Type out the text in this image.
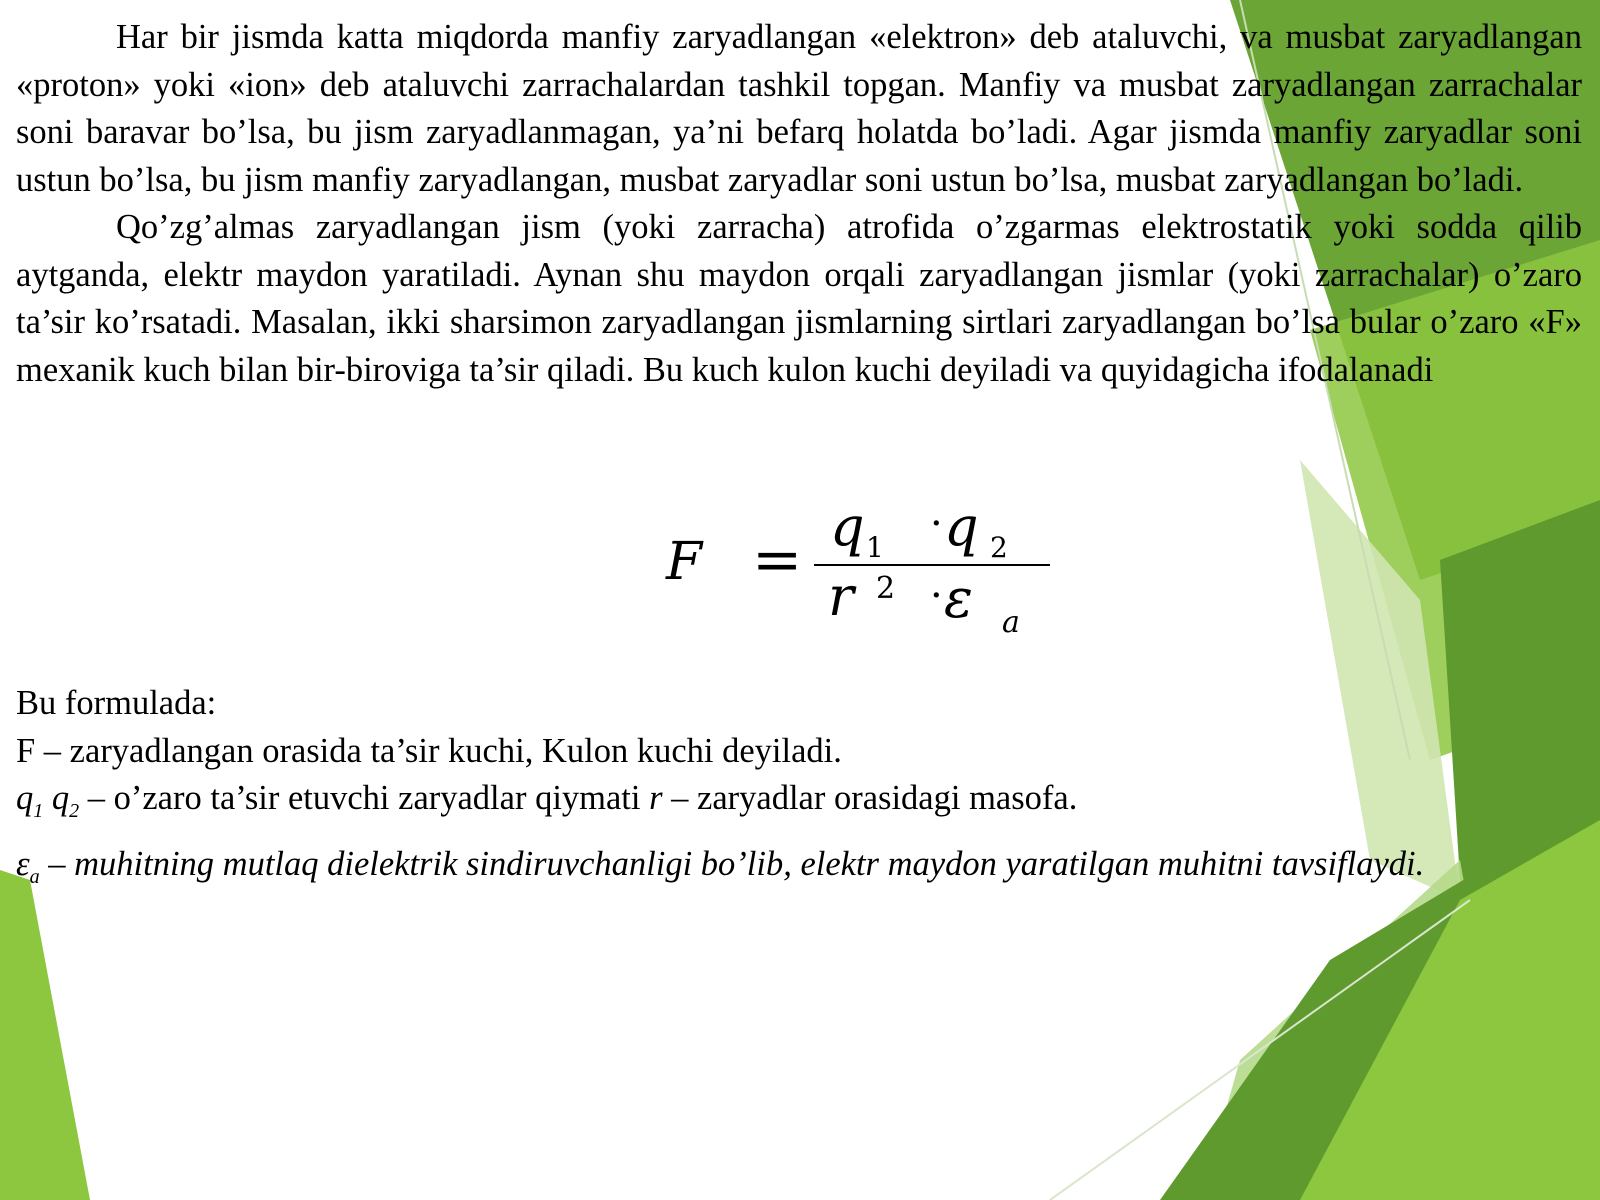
Har bir jismda katta miqdorda manfiy zaryadlangan «elektron» deb ataluvchi, va musbat zaryadlangan «proton» yoki «ion» deb ataluvchi zarrachalardan tashkil topgan. Manfiy va musbat zaryadlangan zarrachalar soni baravar bo’lsa, bu jism zaryadlanmagan, ya’ni befarq holatda bo’ladi. Agar jismda manfiy zaryadlar soni ustun bo’lsa, bu jism manfiy zaryadlangan, musbat zaryadlar soni ustun bo’lsa, musbat zaryadlangan bo’ladi.

Qo’zg’almas zaryadlangan jism (yoki zarracha) atrofida o’zgarmas elektrostatik yoki sodda qilib aytganda, elektr maydon yaratiladi. Aynan shu maydon orqali zaryadlangan jismlar (yoki zarrachalar) o’zaro ta’sir ko’rsatadi. Masalan, ikki sharsimon zaryadlangan jismlarning sirtlari zaryadlangan bo’lsa bular o’zaro «F» mexanik kuch bilan bir-biroviga ta’sir qiladi. Bu kuch kulon kuchi deyiladi va quyidagicha ifodalanadi

F = q 1
· q 2
r 2 · ε a

Bu formulada:

F – zaryadlangan orasida ta’sir kuchi, Kulon kuchi deyiladi.

$q_1$ $q_2$ – o’zaro ta’sir etuvchi zaryadlar qiymati r – zaryadlar orasidagi masofa.

$\varepsilon_a$ – muhitning mutlaq dielektrik sindiruvchanligi bo’lib, elektr maydon yaratilgan muhitni tavsiflaydi.
